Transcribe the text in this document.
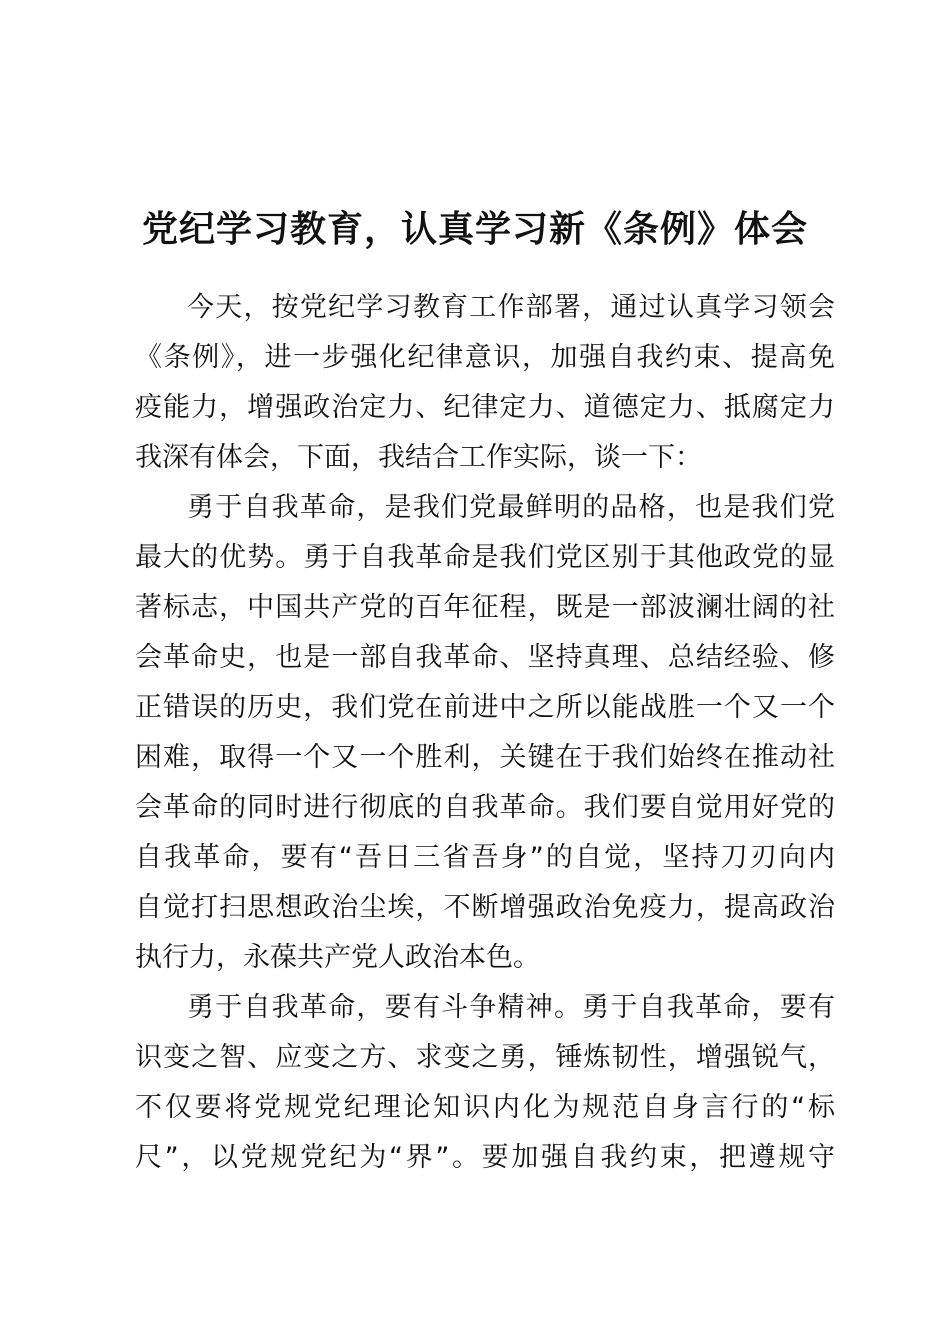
党纪学习教育，认真学习新《条例》体会
今天，按党纪学习教育工作部署，通过认真学习领会
《条例》，进一步强化纪律意识，加强自我约束、提高免
疫能力，增强政治定力、纪律定力、道德定力、抵腐定力
我深有体会，下面，我结合工作实际，谈一下：
勇于自我革命，是我们党最鲜明的品格，也是我们党
最大的优势。勇于自我革命是我们党区别于其他政党的显
著标志，中国共产党的百年征程，既是一部波澜壮阔的社
会革命史，也是一部自我革命、坚持真理、总结经验、修
正错误的历史，我们党在前进中之所以能战胜一个又一个
困难，取得一个又一个胜利，关键在于我们始终在推动社
会革命的同时进行彻底的自我革命。我们要自觉用好党的
自我革命，要有“吾日三省吾身”的自觉，坚持刀刃向内
自觉打扫思想政治尘埃，不断增强政治免疫力，提高政治
执行力，永葆共产党人政治本色。
勇于自我革命，要有斗争精神。勇于自我革命，要有
识变之智、应变之方、求变之勇，锤炼韧性，增强锐气，
不仅要将党规党纪理论知识内化为规范自身言行的“标
尺”，以党规党纪为“界”。要加强自我约束，把遵规守
